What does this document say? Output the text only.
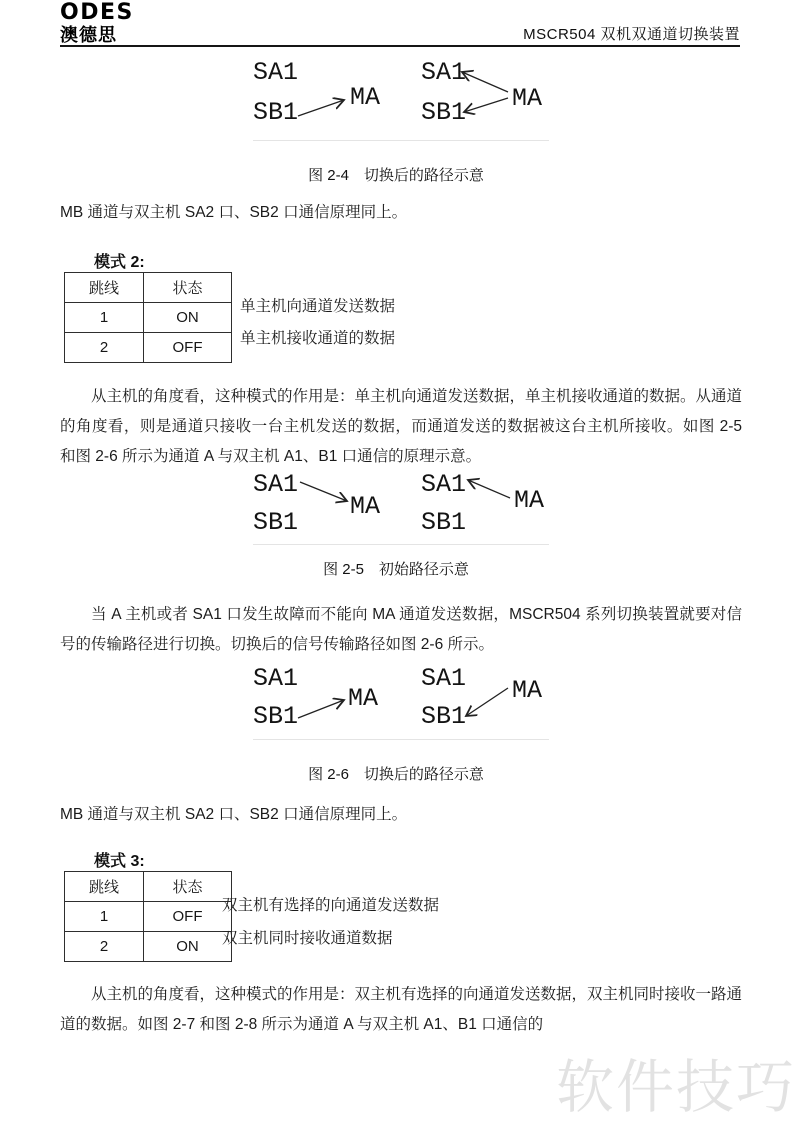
ODES
澳德思	MSCR504 双机双通道切换装置
SA1
SB1
MA
SA1
SB1 MA
图 2-4　切换后的路径示意
MB 通道与双主机 SA2 口、SB2 口通信原理同上。
模式 2:
跳线	状态
1	ON
2	OFF
单主机向通道发送数据
单主机接收通道的数据
从主机的角度看，这种模式的作用是：单主机向通道发送数据，单主机接收通道的数据。从通道的角度看，则是通道只接收一台主机发送的数据，而通道发送的数据被这台主机所接收。如图 2-5 和图 2-6 所示为通道 A 与双主机 A1、B1 口通信的原理示意。
SA1
SB1
MA
SA1
SB1
MA
图 2-5　初始路径示意
当 A 主机或者 SA1 口发生故障而不能向 MA 通道发送数据，MSCR504 系列切换装置就要对信号的传输路径进行切换。切换后的信号传输路径如图 2-6 所示。
SA1
SB1
MA
SA1
SB1
MA
图 2-6　切换后的路径示意
MB 通道与双主机 SA2 口、SB2 口通信原理同上。
模式 3:
跳线	状态
1	OFF
2	ON
双主机有选择的向通道发送数据
双主机同时接收通道数据
从主机的角度看，这种模式的作用是：双主机有选择的向通道发送数据，双主机同时接收一路通道的数据。如图 2-7 和图 2-8 所示为通道 A 与双主机 A1、B1 口通信的
软件技巧
